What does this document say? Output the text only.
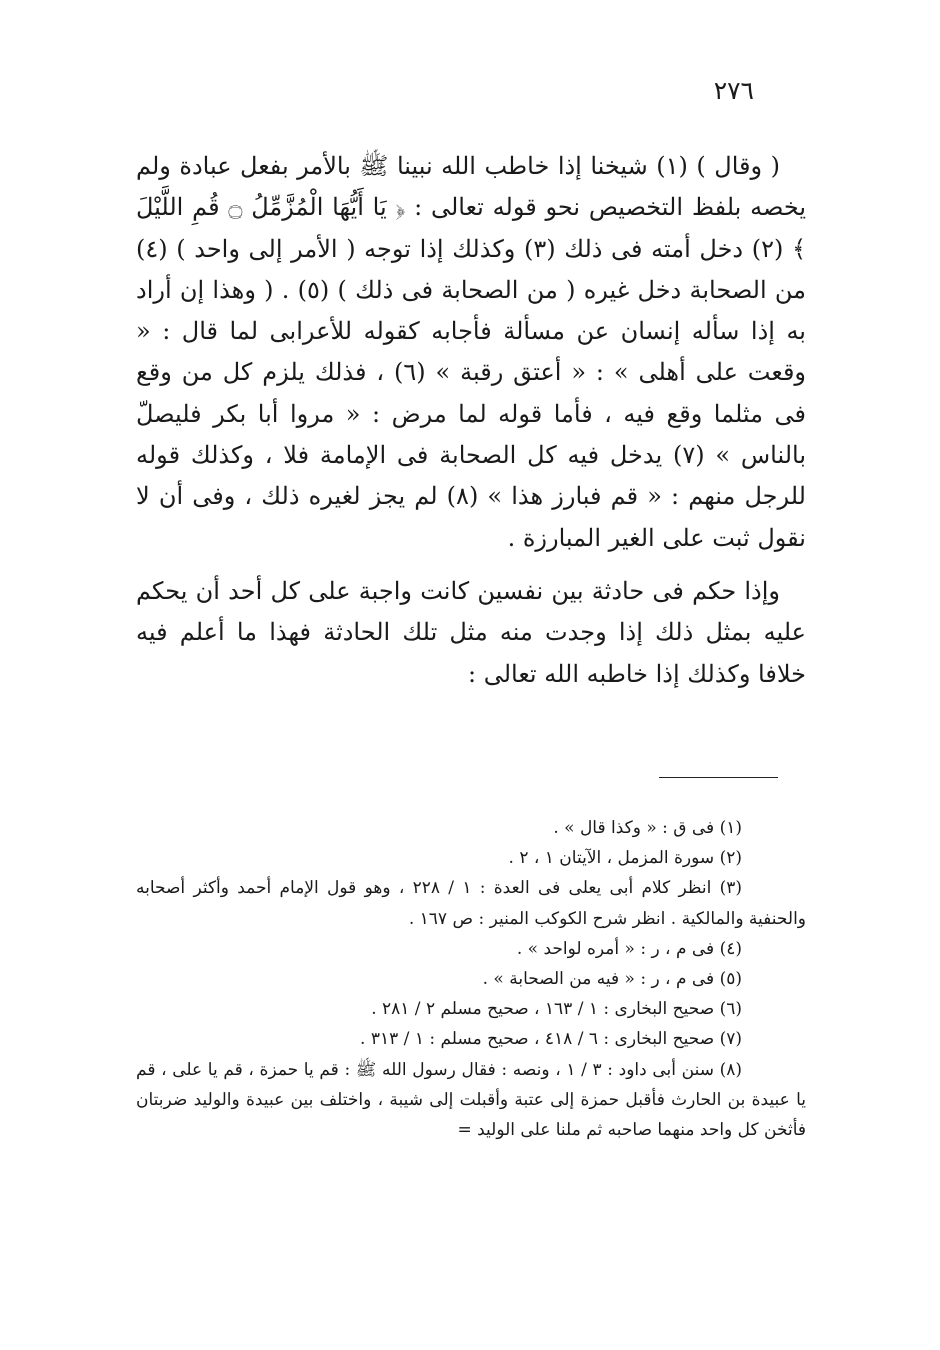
٢٧٦

( وقال ) (١) شيخنا إذا خاطب الله نبينا ﷺ بالأمر بفعل عبادة ولم يخصه بلفظ التخصيص نحو قوله تعالى : ﴿ يَا أَيُّهَا الْمُزَّمِّلُ ۝ قُمِ اللَّيْلَ ﴾ (٢) دخل أمته فى ذلك (٣) وكذلك إذا توجه ( الأمر إلى واحد ) (٤) من الصحابة دخل غيره ( من الصحابة فى ذلك ) (٥) . ( وهذا إن أراد به إذا سأله إنسان عن مسألة فأجابه كقوله للأعرابى لما قال : « وقعت على أهلى » : « أعتق رقبة » (٦) ، فذلك يلزم كل من وقع فى مثلما وقع فيه ، فأما قوله لما مرض : « مروا أبا بكر فليصلّ بالناس » (٧) يدخل فيه كل الصحابة فى الإمامة فلا ، وكذلك قوله للرجل منهم : « قم فبارز هذا » (٨) لم يجز لغيره ذلك ، وفى أن لا نقول ثبت على الغير المبارزة .

وإذا حكم فى حادثة بين نفسين كانت واجبة على كل أحد أن يحكم عليه بمثل ذلك إذا وجدت منه مثل تلك الحادثة فهذا ما أعلم فيه خلافا وكذلك إذا خاطبه الله تعالى :

(١) فى ق : « وكذا قال » .

(٢) سورة المزمل ، الآيتان ١ ، ٢ .

(٣) انظر كلام أبى يعلى فى العدة : ١ / ٢٢٨ ، وهو قول الإمام أحمد وأكثر أصحابه والحنفية والمالكية . انظر شرح الكوكب المنير : ص ١٦٧ .

(٤) فى م ، ر : « أمره لواحد » .

(٥) فى م ، ر : « فيه من الصحابة » .

(٦) صحيح البخارى : ١ / ١٦٣ ، صحيح مسلم ٢ / ٢٨١ .

(٧) صحيح البخارى : ٦ / ٤١٨ ، صحيح مسلم : ١ / ٣١٣ .

(٨) سنن أبى داود : ٣ / ١ ، ونصه : فقال رسول الله ﷺ : قم يا حمزة ، قم يا على ، قم يا عبيدة بن الحارث فأقبل حمزة إلى عتبة وأقبلت إلى شيبة ، واختلف بين عبيدة والوليد ضربتان فأثخن كل واحد منهما صاحبه ثم ملنا على الوليد =
